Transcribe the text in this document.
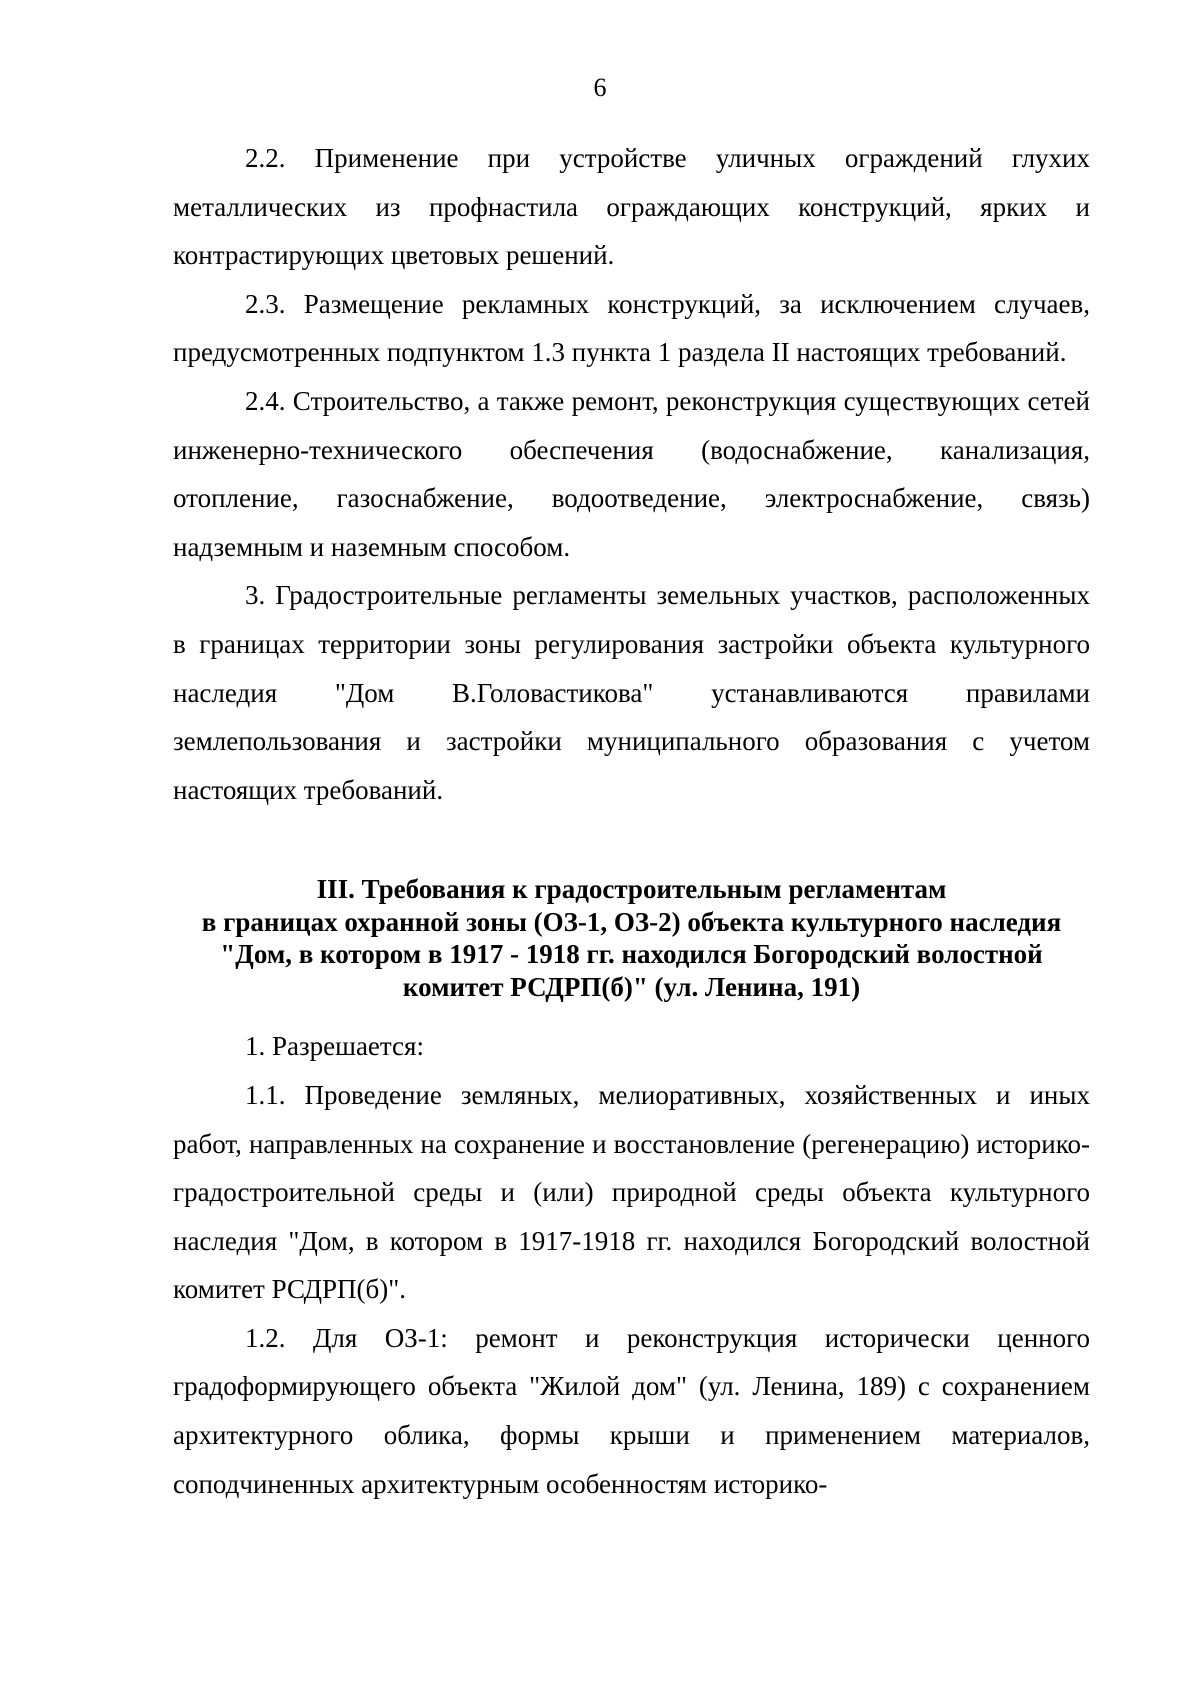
6

2.2. Применение при устройстве уличных ограждений глухих металлических из профнастила ограждающих конструкций, ярких и контрастирующих цветовых решений.

2.3. Размещение рекламных конструкций, за исключением случаев, предусмотренных подпунктом 1.3 пункта 1 раздела II настоящих требований.

2.4. Строительство, а также ремонт, реконструкция существующих сетей инженерно-технического обеспечения (водоснабжение, канализация, отопление, газоснабжение, водоотведение, электроснабжение, связь) надземным и наземным способом.

3. Градостроительные регламенты земельных участков, расположенных в границах территории зоны регулирования застройки объекта культурного наследия "Дом В.Головастикова" устанавливаются правилами землепользования и застройки муниципального образования с учетом настоящих требований.

III. Требования к градостроительным регламентам
в границах охранной зоны (ОЗ-1, ОЗ-2) объекта культурного наследия
"Дом, в котором в 1917 - 1918 гг. находился Богородский волостной
комитет РСДРП(б)" (ул. Ленина, 191)

1. Разрешается:

1.1. Проведение земляных, мелиоративных, хозяйственных и иных работ, направленных на сохранение и восстановление (регенерацию) историко-градостроительной среды и (или) природной среды объекта культурного наследия "Дом, в котором в 1917-1918 гг. находился Богородский волостной комитет РСДРП(б)".

1.2. Для ОЗ-1: ремонт и реконструкция исторически ценного градоформирующего объекта "Жилой дом" (ул. Ленина, 189) с сохранением архитектурного облика, формы крыши и применением материалов, соподчиненных архитектурным особенностям историко-
